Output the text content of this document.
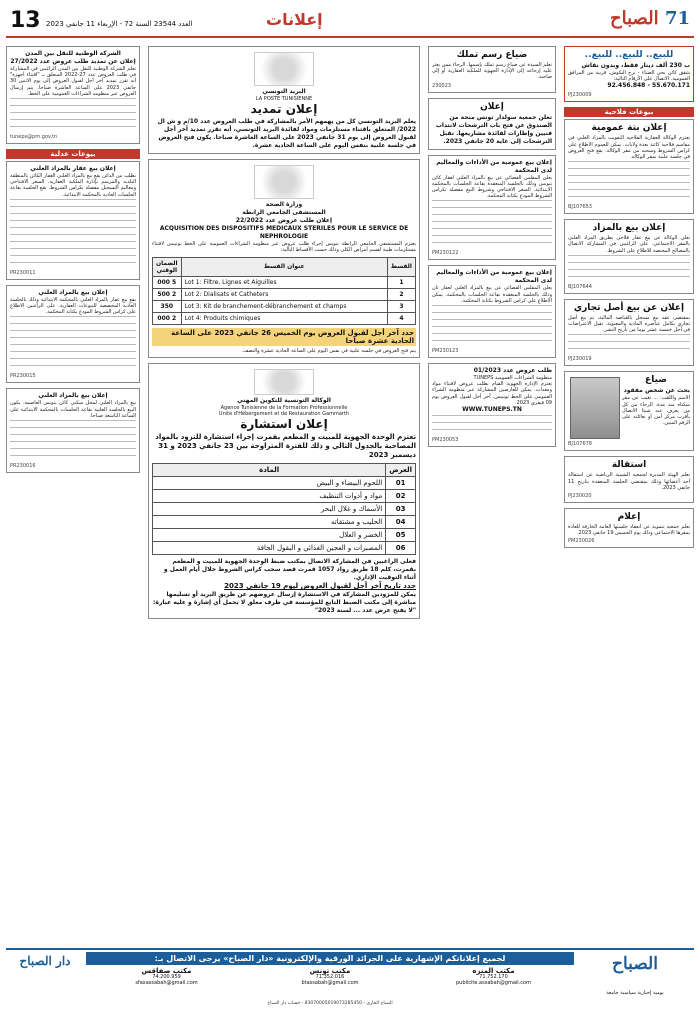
71 الصباح
إعلانات
العدد 23544 السنة 72 - الإربعاء 11 جانفي 2023
13
للبيع.. للبيع.. للبيع..
ب 230 ألف دينار فقط، وبدون نقاش
شقق كائن بحي الضياء - برج البكوش، قريبة من المرافق العمومية. الاتصال على الأرقام التالية:
55.670.171 - 92.456.848
PJ230009
بيوعات فلاحية
إعلان بتة عمومية
تعتزم الوكالة العقارية الفلاحية التفويت بالمزاد العلني في مقاسم فلاحية كائنة بعدة ولايات. يمكن للعموم الاطلاع على كراس الشروط وسحبه من مقر الوكالة. يقع فتح العروض في جلسة علنية بمقر الوكالة.
BJ107653
إعلان بيع بالمزاد
تعلن الوكالة عن بيع عقار فلاحي بطريق المزاد العلني بالمقر الاجتماعي. على الراغبين في المشاركة الاتصال بالمصالح المختصة للاطلاع على الشروط.
BJ107644
إعلان عن بيع أصل تجاري
بمقتضى عقد بيع مسجل بالقباضة المالية، تم بيع أصل تجاري بكامل عناصره المادية والمعنوية. تقبل الاعتراضات في أجل خمسة عشر يوما من تاريخ النشر.
PJ230019
ضياع
بحث عن شخص مفقود
الاسم واللقب: ... تغيب عن مقر سكناه منذ مدة. الرجاء من كل من يعرف عنه شيئا الاتصال بأقرب مركز أمن أو بعائلته على الرقم المبين.
BJ107678
استقالة
تعلم الهيئة المديرة لجمعية الشبيبة الرياضية عن استقالة أحد أعضائها وذلك بمقتضى الجلسة المنعقدة بتاريخ 11 جانفي 2023.
PJ230020
إعلام
تعلم جمعية تنموية عن انعقاد جلستها العامة الخارقة للعادة بمقرها الاجتماعي وذلك يوم الخميس 19 جانفي 2023.
PM230026
ضياع رسم تملك
تعلم السيدة عن ضياع رسم تملك بإسمها. الرجاء ممن يعثر عليه إرجاعه إلى الإدارة الجهوية للملكية العقارية أو إلى صاحبه.
230023
إعلان
تعلن جمعية سولدار تونس منحة من الصندوق عن فتح باب الترشحات لانتداب فنيين وإطارات لفائدة مشاريعها. تقبل الترشحات إلى غاية 20 جانفي 2023.
إعلان بيع عمومية من الأداءات والمعاليم لدى المحكمة
يعلن المقلس القضائي عن بيع بالمزاد العلني لعقار كائن بتونس وذلك بالجلسة المنعقدة بقاعة الجلسات بالمحكمة الابتدائية. السعر الافتتاحي وشروط البيع مفصلة بكراس الشروط المودع بكتابة المحكمة.
PM230122
إعلان بيع عمومية من الأداءات والمعاليم لدى المحكمة
يعلن المقلس القضائي عن بيع بالمزاد العلني لعقار ثان وذلك بالجلسة المنعقدة بقاعة الجلسات بالمحكمة. يمكن الاطلاع على كراس الشروط بكتابة المحكمة.
PM230123
طلب عروض عدد 01/2023
منظومة الشراءات العمومية TUNEPS
تعتزم الإدارة الجهوية القيام بطلب عروض لاقتناء مواد ومعدات. يمكن للعارضين المشاركة عبر منظومة الشراء العمومي على الخط تونيبس. آخر أجل لقبول العروض يوم 09 فيفري 2023.
WWW.TUNEPS.TN
PM230053
البريد التونسي
LA POSTE TUNISIENNE
إعلان تمديد
يعلم البريد التونسي كل من يهمهم الأمر بالمشاركة في طلب العروض عدد 10/م و ش ال 2022/ المتعلق باقتناء مستلزمات ومواد لفائدة البريد التونسي، أنه تقرر تمديد آخر أجل لقبول العروض إلى يوم 31 جانفي 2023 على الساعة العاشرة صباحا. يكون فتح العروض في جلسة علنية بنفس اليوم على الساعة الحادية عشرة.
وزارة الصحة
المستشفى الجامعي الرابطة
إعلان طلب عروض عدد 22/2022
ACQUISITION DES DISPOSITIFS MEDICAUX STERILES POUR LE SERVICE DE NEPHROLOGIE
يعتزم المستشفى الجامعي الرابطة بتونس إجراء طلب عروض عبر منظومة الشراءات العمومية على الخط تونيبس لاقتناء مستلزمات طبية لقسم أمراض الكلى وذلك حسب الأقساط التالية:
القسط	عنوان القسط	الضمان الوقتي
1	Lot 1: Filtre, Lignes et Aiguilles	5 000
2	Lot 2: Dialisats et Catheters	2 500
3	Lot 3: Kit de branchement-débranchement et champs	350
4	Lot 4: Produits chimiques	2 000
حدد آخر أجل لقبول العروض يوم الخميس 26 جانفي 2023 على الساعة الحادية عشرة صباحا
يتم فتح العروض في جلسة علنية في نفس اليوم على الساعة الحادية عشرة والنصف.
الوكالة التونسية للتكوين المهني
Agence Tunisienne de la Formation Professionnelle
Unité d'Hébergement et de Restauration Gammarth
إعلان استشارة
تعتزم الوحدة الجهوية للمبيت و المطعم بقمرت إجراء استشارة للتزود بالمواد المصاحبة بالجدول التالي و ذلك للفترة المتراوحة بين 23 جانفي 2023 و 31 ديسمبر 2023
العرض	المادة
01	اللحوم البيضاء و البيض
02	مواد و أدوات التنظيف
03	الأسماك و غلال البحر
04	الحليب و مشتقاته
05	الخضر و الغلال
06	المصبرات و العجين الغذائي و البقول الجافة
فعلى الراغبين في المشاركة الاتصال بمكتب ضبط الوحدة الجهوية للمبيت و المطعم بقمرت، كلم 18 طريق رواد 1057 قمرت قصد سحب كراس الشروط خلال أيام العمل و أثناء التوقيت الإداري.
حدد تاريخ آخر أجل لقبول العروض ليوم 19 جانفي 2023
يمكن للمزودين المشاركة في الاستشارة إرسال عروضهم عن طريق البريد أو تسليمها مباشرة إلى مكتب الضبط التابع للمؤسسة في ظرف مغلق لا يحمل أي إشارة و عليه عبارة: "لا يفتح عرض عدد ... لسنة 2023"
الشركة الوطنية للنقل بين المدن
إعلان عن تمديد طلب عروض عدد 27/2022
تعلم الشركة الوطنية للنقل بين المدن الراغبين في المشاركة في طلب العروض عدد 27-2022 المتعلق بـ "اقتناء أجهزة" أنه تقرر تمديد آخر أجل لقبول العروض إلى يوم الاثنين 30 جانفي 2023 على الساعة العاشرة صباحا. يتم إرسال العروض عبر منظومة الشراءات العمومية على الخط.
tuneps@pm.gov.tn
بيوعات عدلية
إعلان بيع عقار بالمزاد العلني
بطلب من الدائن يقع بيع بالمزاد العلني العقار الكائن بالمنطقة البلدية والمرسم بإدارة الملكية العقارية. السعر الافتتاحي ومعاليم التسجيل مفصلة بكراس الشروط. تقع الجلسة بقاعة الجلسات العادية بالمحكمة الابتدائية.
PR230011
إعلان بيع بالمزاد العلني
يقع بيع عقار بالمزاد العلني بالمحكمة الابتدائية وذلك بالجلسة العادية المخصصة للبيوعات العقارية. على الراغبين الاطلاع على كراس الشروط المودع بكتابة المحكمة.
PR230015
إعلان بيع بالمزاد العلني
بيع بالمزاد العلني لمحل سكني كائن بتونس العاصمة. يكون البيع بالجلسة العلنية بقاعة الجلسات بالمحكمة الابتدائية على الساعة التاسعة صباحا.
PR230016
الصباح
يومية إخبارية سياسية جامعة
لجميع إعلاناتكم الإشهارية على الجرائد الورقية والإلكترونية «دار الصباح» يرجى الاتصال بـ:
مكتب المنزه
71.752.170
publicite.assabah@gmail.com
مكتب تونس
71.352.016
btassabah@gmail.com
مكتب صفاقس
74.200.959
sfaxassabah@gmail.com
دار الصباح
الصباح الجاري - 83070005019073285450 - حساب دار الصباح
